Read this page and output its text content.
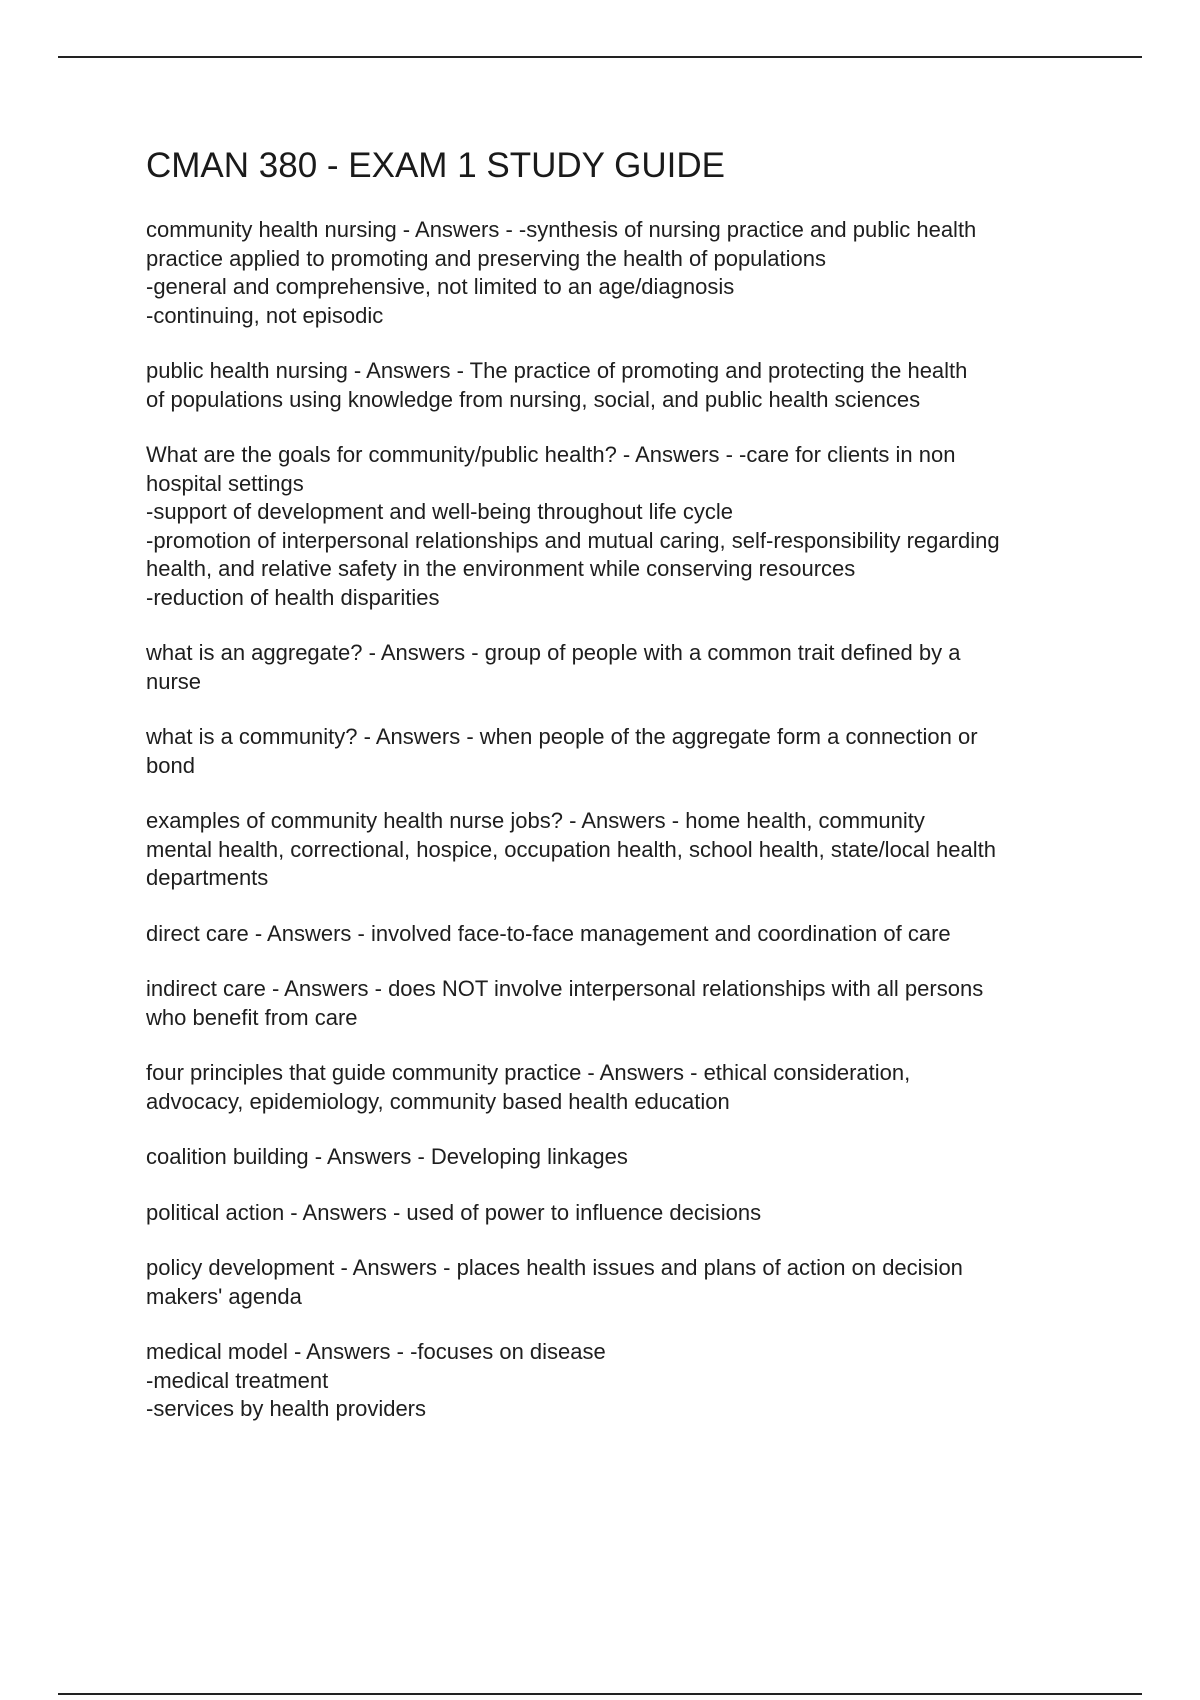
CMAN 380 - EXAM 1 STUDY GUIDE

community health nursing - Answers - -synthesis of nursing practice and public health
practice applied to promoting and preserving the health of populations
-general and comprehensive, not limited to an age/diagnosis
-continuing, not episodic

public health nursing - Answers - The practice of promoting and protecting the health
of populations using knowledge from nursing, social, and public health sciences

What are the goals for community/public health? - Answers - -care for clients in non
hospital settings
-support of development and well-being throughout life cycle
-promotion of interpersonal relationships and mutual caring, self-responsibility regarding
health, and relative safety in the environment while conserving resources
-reduction of health disparities

what is an aggregate? - Answers - group of people with a common trait defined by a
nurse

what is a community? - Answers - when people of the aggregate form a connection or
bond

examples of community health nurse jobs? - Answers - home health, community
mental health, correctional, hospice, occupation health, school health, state/local health
departments

direct care - Answers - involved face-to-face management and coordination of care

indirect care - Answers - does NOT involve interpersonal relationships with all persons
who benefit from care

four principles that guide community practice - Answers - ethical consideration,
advocacy, epidemiology, community based health education

coalition building - Answers - Developing linkages

political action - Answers - used of power to influence decisions

policy development - Answers - places health issues and plans of action on decision
makers' agenda

medical model - Answers - -focuses on disease
-medical treatment
-services by health providers
